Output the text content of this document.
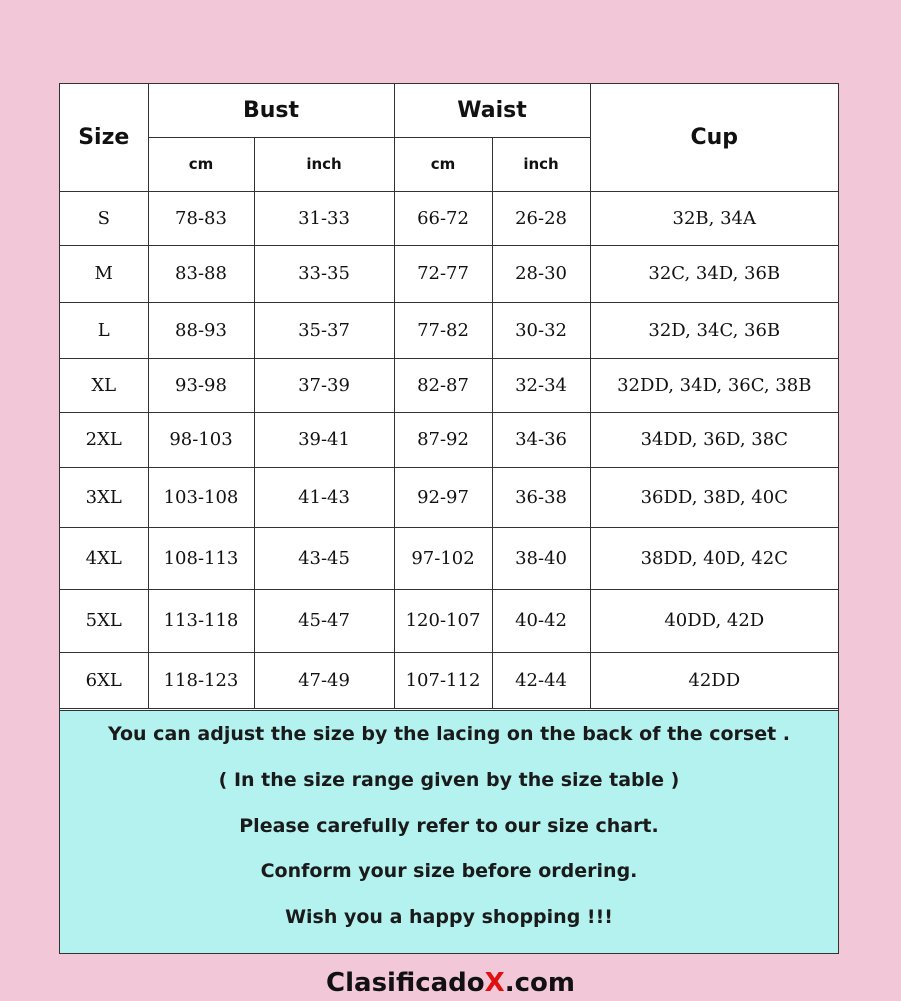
Size	Bust		Waist		Cup
	cm	inch	cm	inch	
S	78-83	31-33	66-72	26-28	32B, 34A
M	83-88	33-35	72-77	28-30	32C, 34D, 36B
L	88-93	35-37	77-82	30-32	32D, 34C, 36B
XL	93-98	37-39	82-87	32-34	32DD, 34D, 36C, 38B
2XL	98-103	39-41	87-92	34-36	34DD, 36D, 38C
3XL	103-108	41-43	92-97	36-38	36DD, 38D, 40C
4XL	108-113	43-45	97-102	38-40	38DD, 40D, 42C
5XL	113-118	45-47	120-107	40-42	40DD, 42D
6XL	118-123	47-49	107-112	42-44	42DD

You can adjust the size by the lacing on the back of the corset .

( In the size range given by the size table )

Please carefully refer to our size chart.

Conform your size before ordering.

Wish you a happy shopping !!!

ClasificadoX.com
